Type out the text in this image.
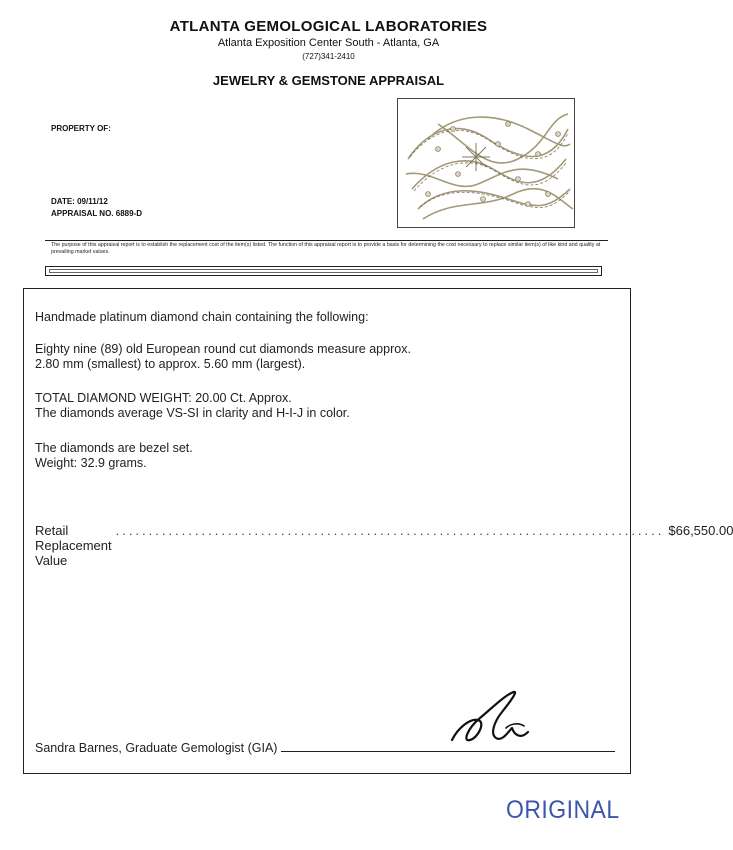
ATLANTA GEMOLOGICAL LABORATORIES
Atlanta Exposition Center South - Atlanta, GA
(727)341-2410
JEWELRY & GEMSTONE APPRAISAL
PROPERTY OF:
DATE: 09/11/12
APPRAISAL NO. 6889-D
The purpose of this appraisal report is to establish the replacement cost of the item(s) listed. The function of this appraisal report is to provide a basis for determining the cost necessary to replace similar item(s) of like kind and quality at prevailing market values.
Handmade platinum diamond chain containing the following:
Eighty nine (89) old European round cut diamonds measure approx.
2.80 mm (smallest) to approx. 5.60 mm (largest).
TOTAL DIAMOND WEIGHT: 20.00 Ct. Approx.
The diamonds average VS-SI in clarity and H-I-J in color.
The diamonds are bezel set.
Weight: 32.9 grams.
Retail Replacement Value
................................................................................... $66,550.00
Sandra Barnes, Graduate Gemologist (GIA)
ORIGINAL
